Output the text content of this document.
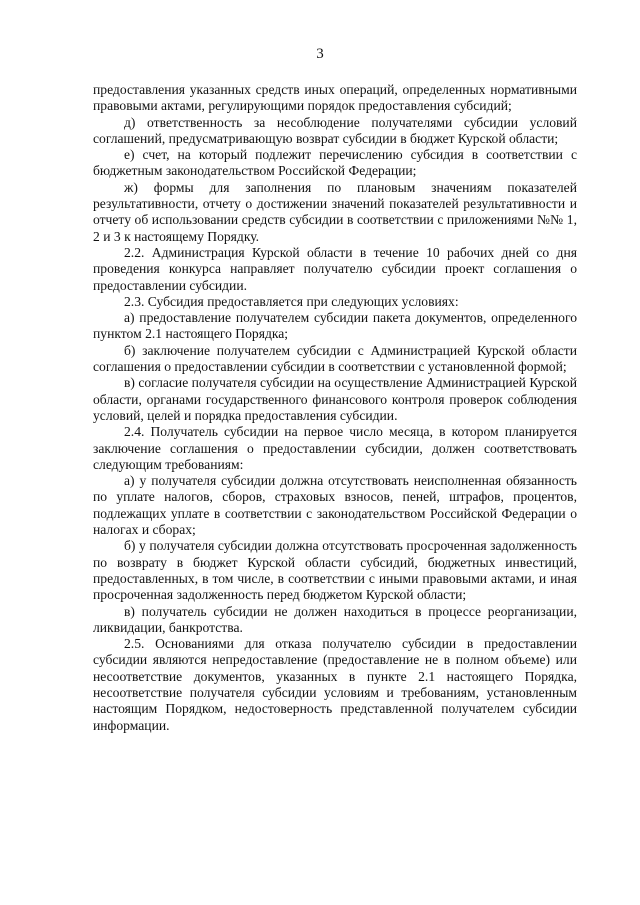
3

предоставления указанных средств иных операций, определенных нормативными правовыми актами, регулирующими порядок предоставления субсидий;

д) ответственность за несоблюдение получателями субсидии условий соглашений, предусматривающую возврат субсидии в бюджет Курской области;

е) счет, на который подлежит перечислению субсидия в соответствии с бюджетным законодательством Российской Федерации;

ж) формы для заполнения по плановым значениям показателей результативности, отчету о достижении значений показателей результативности и отчету об использовании средств субсидии в соответствии с приложениями №№ 1, 2 и 3 к настоящему Порядку.

2.2. Администрация Курской области в течение 10 рабочих дней со дня проведения конкурса направляет получателю субсидии проект соглашения о предоставлении субсидии.

2.3. Субсидия предоставляется при следующих условиях:

а) предоставление получателем субсидии пакета документов, определенного пунктом 2.1 настоящего Порядка;

б) заключение получателем субсидии с Администрацией Курской области соглашения о предоставлении субсидии в соответствии с установленной формой;

в) согласие получателя субсидии на осуществление Администрацией Курской области, органами государственного финансового контроля проверок соблюдения условий, целей и порядка предоставления субсидии.

2.4. Получатель субсидии на первое число месяца, в котором планируется заключение соглашения о предоставлении субсидии, должен соответствовать следующим требованиям:

а) у получателя субсидии должна отсутствовать неисполненная обязанность по уплате налогов, сборов, страховых взносов, пеней, штрафов, процентов, подлежащих уплате в соответствии с законодательством Российской Федерации о налогах и сборах;

б) у получателя субсидии должна отсутствовать просроченная задолженность по возврату в бюджет Курской области субсидий, бюджетных инвестиций, предоставленных, в том числе, в соответствии с иными правовыми актами, и иная просроченная задолженность перед бюджетом Курской области;

в) получатель субсидии не должен находиться в процессе реорганизации, ликвидации, банкротства.

2.5. Основаниями для отказа получателю субсидии в предоставлении субсидии являются непредоставление (предоставление не в полном объеме) или несоответствие документов, указанных в пункте 2.1 настоящего Порядка, несоответствие получателя субсидии условиям и требованиям, установленным настоящим Порядком, недостоверность представленной получателем субсидии информации.
